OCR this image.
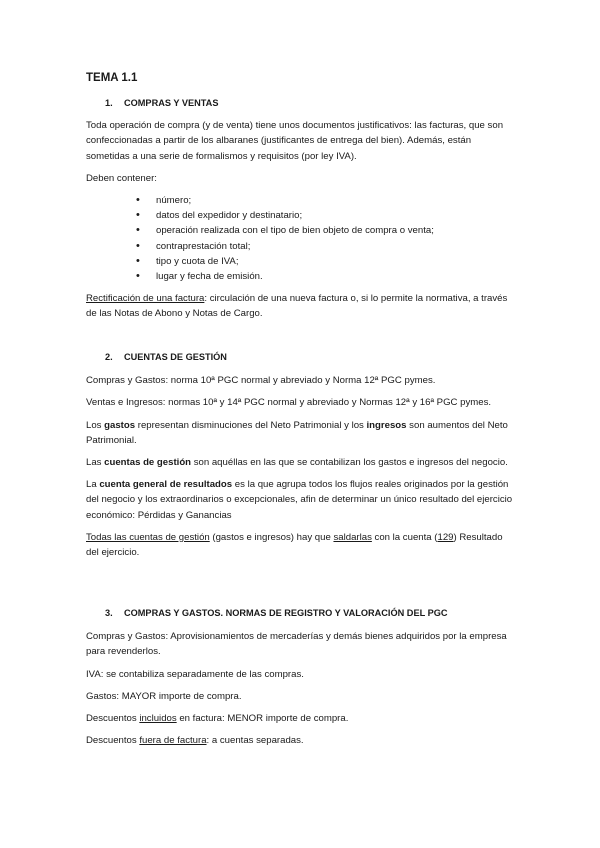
TEMA 1.1

1. COMPRAS Y VENTAS

Toda operación de compra (y de venta) tiene unos documentos justificativos: las facturas, que son confeccionadas a partir de los albaranes (justificantes de entrega del bien). Además, están sometidas a una serie de formalismos y requisitos (por ley IVA).

Deben contener:

• número;
• datos del expedidor y destinatario;
• operación realizada con el tipo de bien objeto de compra o venta;
• contraprestación total;
• tipo y cuota de IVA;
• lugar y fecha de emisión.

Rectificación de una factura: circulación de una nueva factura o, si lo permite la normativa, a través de las Notas de Abono y Notas de Cargo.

2. CUENTAS DE GESTIÓN

Compras y Gastos: norma 10ª PGC normal y abreviado y Norma 12ª PGC pymes.

Ventas e Ingresos: normas 10ª y 14ª PGC normal y abreviado y Normas 12ª y 16ª PGC pymes.

Los gastos representan disminuciones del Neto Patrimonial y los ingresos son aumentos del Neto Patrimonial.

Las cuentas de gestión son aquéllas en las que se contabilizan los gastos e ingresos del negocio.

La cuenta general de resultados es la que agrupa todos los flujos reales originados por la gestión del negocio y los extraordinarios o excepcionales, afin de determinar un único resultado del ejercicio económico: Pérdidas y Ganancias

Todas las cuentas de gestión (gastos e ingresos) hay que saldarlas con la cuenta (129) Resultado del ejercicio.

3. COMPRAS Y GASTOS. NORMAS DE REGISTRO Y VALORACIÓN DEL PGC

Compras y Gastos: Aprovisionamientos de mercaderías y demás bienes adquiridos por la empresa para revenderlos.

IVA: se contabiliza separadamente de las compras.

Gastos: MAYOR importe de compra.

Descuentos incluidos en factura: MENOR importe de compra.

Descuentos fuera de factura: a cuentas separadas.
